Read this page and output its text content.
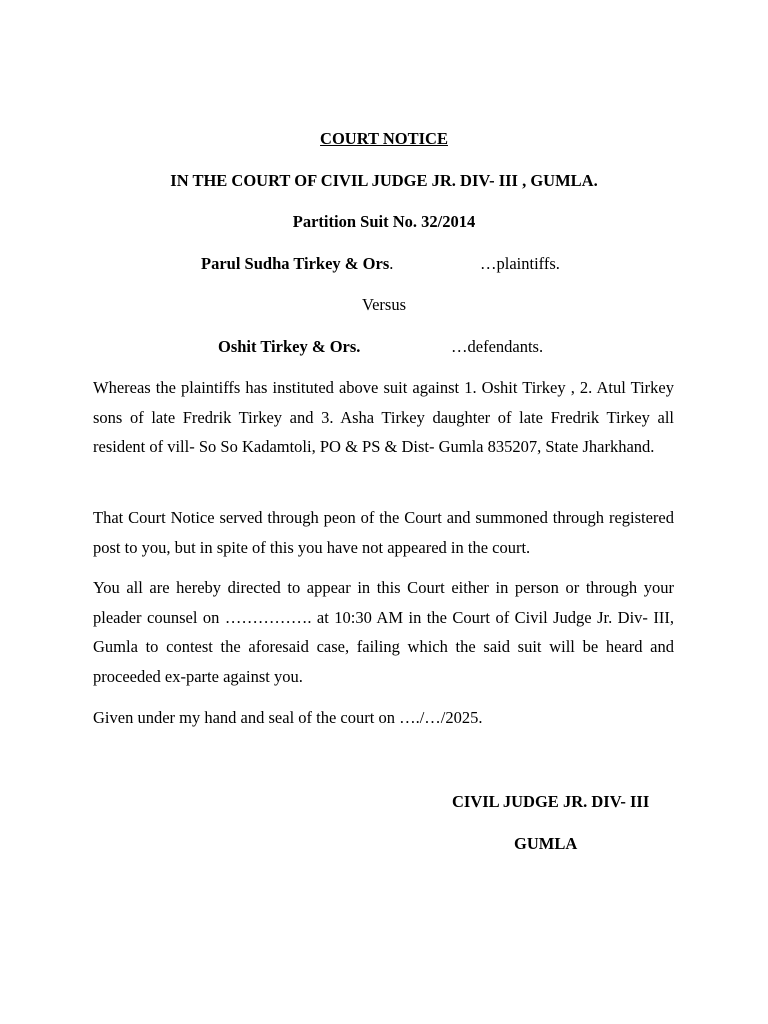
COURT NOTICE
IN THE COURT OF CIVIL JUDGE JR. DIV- III , GUMLA.
Partition Suit No. 32/2014
Parul Sudha Tirkey & Ors.	…plaintiffs.
Versus
Oshit Tirkey & Ors.	…defendants.
Whereas the plaintiffs has instituted above suit against 1. Oshit Tirkey , 2. Atul Tirkey sons of late Fredrik Tirkey and 3. Asha Tirkey daughter of late Fredrik Tirkey all resident of vill- So So Kadamtoli, PO & PS & Dist- Gumla 835207, State Jharkhand.
That Court Notice served through peon of the Court and summoned through registered post to you, but in spite of this you have not appeared in the court.
You all are hereby directed to appear in this Court either in person or through your pleader counsel on ……………. at 10:30 AM in the Court of Civil Judge Jr. Div- III, Gumla to contest the aforesaid case, failing which the said suit will be heard and proceeded ex-parte against you.
Given under my hand and seal of the court on …./…/2025.
CIVIL JUDGE JR. DIV- III
GUMLA
